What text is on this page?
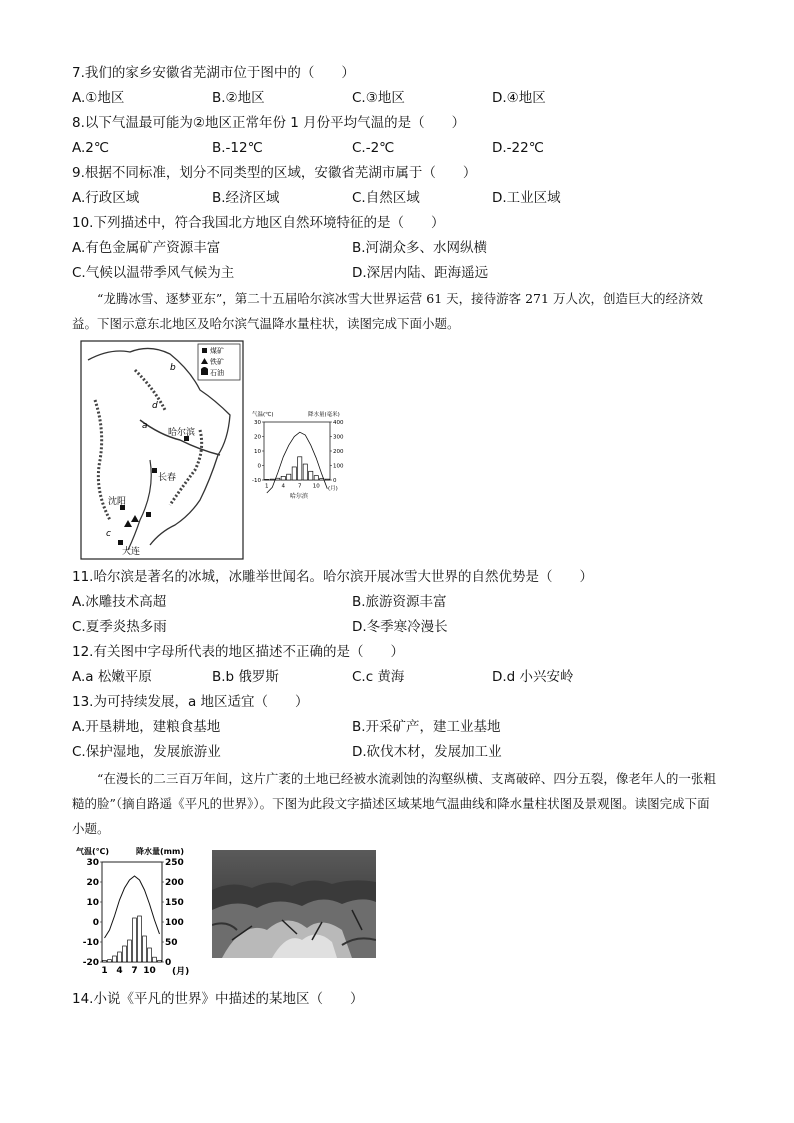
7.我们的家乡安徽省芜湖市位于图中的（　　）
A.①地区	B.②地区	C.③地区	D.④地区
8.以下气温最可能为②地区正常年份 1 月份平均气温的是（　　）
A.2℃	B.-12℃	C.-2℃	D.-22℃
9.根据不同标准，划分不同类型的区域，安徽省芜湖市属于（　　）
A.行政区域	B.经济区域	C.自然区域	D.工业区域
10.下列描述中，符合我国北方地区自然环境特征的是（　　）
A.有色金属矿产资源丰富	B.河湖众多、水网纵横
C.气候以温带季风气候为主	D.深居内陆、距海遥远
“龙腾冰雪、逐梦亚东”，第二十五届哈尔滨冰雪大世界运营 61 天，接待游客 271 万人次，创造巨大的经济效益。下图示意东北地区及哈尔滨气温降水量柱状，读图完成下面小题。
煤矿
铁矿
石油
哈尔滨
长春
沈阳
大连
a
b
c
d
气温(℃)	降水量(毫米)
哈尔滨
(月)
30
20
10
0
-10
400
300
200
100
0
1 4 7 10
11.哈尔滨是著名的冰城，冰雕举世闻名。哈尔滨开展冰雪大世界的自然优势是（　　）
A.冰雕技术高超	B.旅游资源丰富
C.夏季炎热多雨	D.冬季寒冷漫长
12.有关图中字母所代表的地区描述不正确的是（　　）
A.a 松嫩平原	B.b 俄罗斯	C.c 黄海	D.d 小兴安岭
13.为可持续发展，a 地区适宜（　　）
A.开垦耕地，建粮食基地	B.开采矿产，建工业基地
C.保护湿地，发展旅游业	D.砍伐木材，发展加工业
“在漫长的二三百万年间，这片广袤的土地已经被水流剥蚀的沟壑纵横、支离破碎、四分五裂，像老年人的一张粗糙的脸”（摘自路遥《平凡的世界》）。下图为此段文字描述区域某地气温曲线和降水量柱状图及景观图。读图完成下面小题。
气温(℃)	降水量(mm)
(月)
30
20
10
0
-10
-20
250
200
150
100
50
0
1 4 7 10
14.小说《平凡的世界》中描述的某地区（　　）
